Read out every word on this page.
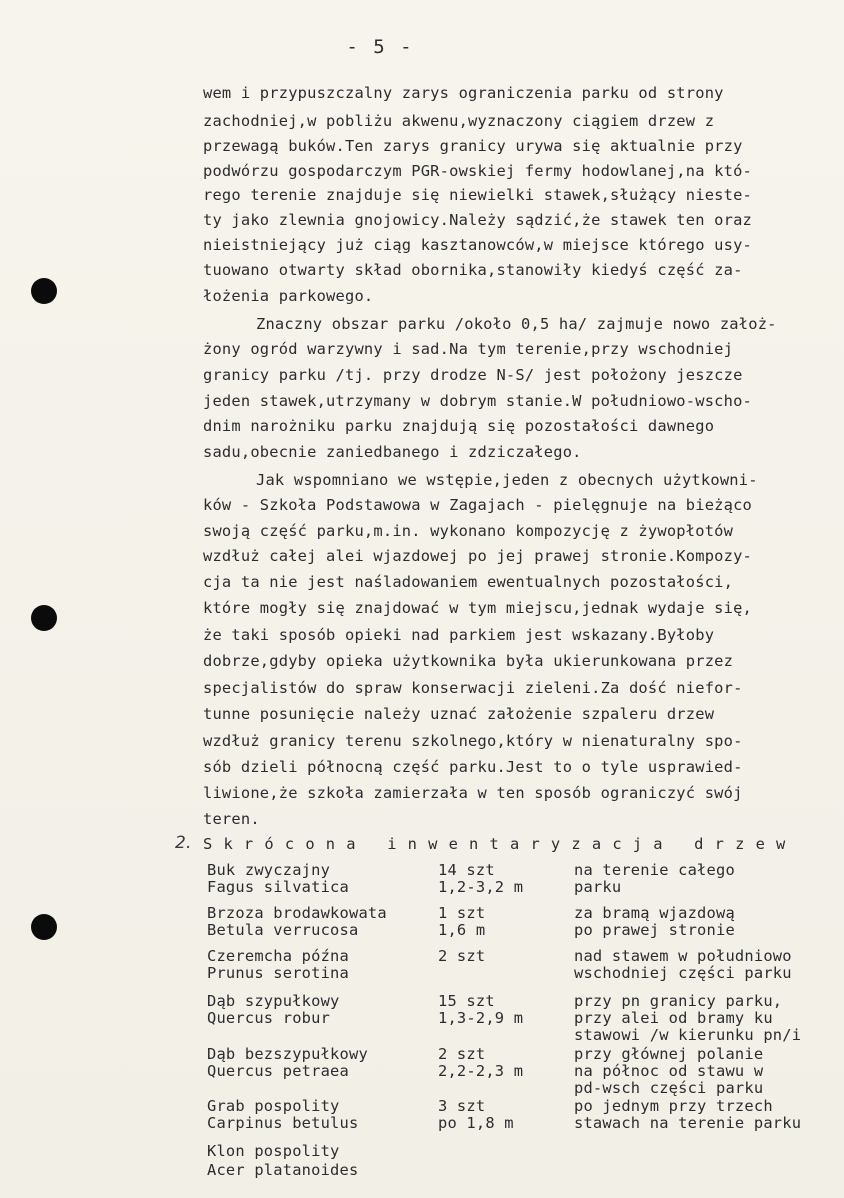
- 5 -
wem i przypuszczalny zarys ograniczenia parku od strony
zachodniej,w pobliżu akwenu,wyznaczony ciągiem drzew z
przewagą buków.Ten zarys granicy urywa się aktualnie przy
podwórzu gospodarczym PGR-owskiej fermy hodowlanej,na któ-
rego terenie znajduje się niewielki stawek,służący niestе-
ty jako zlewnia gnojowicy.Należy sądzić,że stawek ten oraz
nieistniejący już ciąg kasztanowców,w miejsce którego usy-
tuowano otwarty skład obornika,stanowiły kiedyś część za-
łożenia parkowego.
Znaczny obszar parku /około 0,5 ha/ zajmuje nowo założ-
żony ogród warzywny i sad.Na tym terenie,przy wschodniej
granicy parku /tj. przy drodze N-S/ jest położony jeszcze
jeden stawek,utrzymany w dobrym stanie.W południowo-wscho-
dnim narożniku parku znajdują się pozostałości dawnego
sadu,obecnie zaniedbanego i zdziczałego.
Jak wspomniano we wstępie,jeden z obecnych użytkowni-
ków - Szkoła Podstawowa w Zagajach - pielęgnuje na bieżąco
swoją część parku,m.in. wykonano kompozycję z żywopłotów
wzdłuż całej alei wjazdowej po jej prawej stronie.Kompozy-
cja ta nie jest naśladowaniem ewentualnych pozostałości,
które mogły się znajdować w tym miejscu,jednak wydaje się,
że taki sposób opieki nad parkiem jest wskazany.Byłoby
dobrze,gdyby opieka użytkownika była ukierunkowana przez
specjalistów do spraw konserwacji zieleni.Za dość niefor-
tunne posunięcie należy uznać założenie szpaleru drzew
wzdłuż granicy terenu szkolnego,który w nienaturalny spo-
sób dzieli północną część parku.Jest to o tyle usprawied-
liwione,że szkoła zamierzała w ten sposób ograniczyć swój
teren.
2. Skrócona inwentaryzacja drzew
Buk zwyczajny
Fagus silvatica
14 szt
1,2-3,2 m
na terenie całego
parku
Brzoza brodawkowata
Betula verrucosa
1 szt
1,6 m
za bramą wjazdową
po prawej stronie
Czeremcha późna
Prunus serotina
2 szt	nad stawem w południowo
wschodniej części parku
Dąb szypułkowy
Quercus robur
15 szt
1,3-2,9 m
przy pn granicy parku,
przy alei od bramy ku
stawowi /w kierunku pn/i
Dąb bezszypułkowy
Quercus petraea
2 szt
2,2-2,3 m
przy głównej polanie
na północ od stawu w
pd-wsch części parku
Grab pospolity
Carpinus betulus
3 szt
po 1,8 m
po jednym przy trzech
stawach na terenie parku
Klon pospolity
Acer platanoides
